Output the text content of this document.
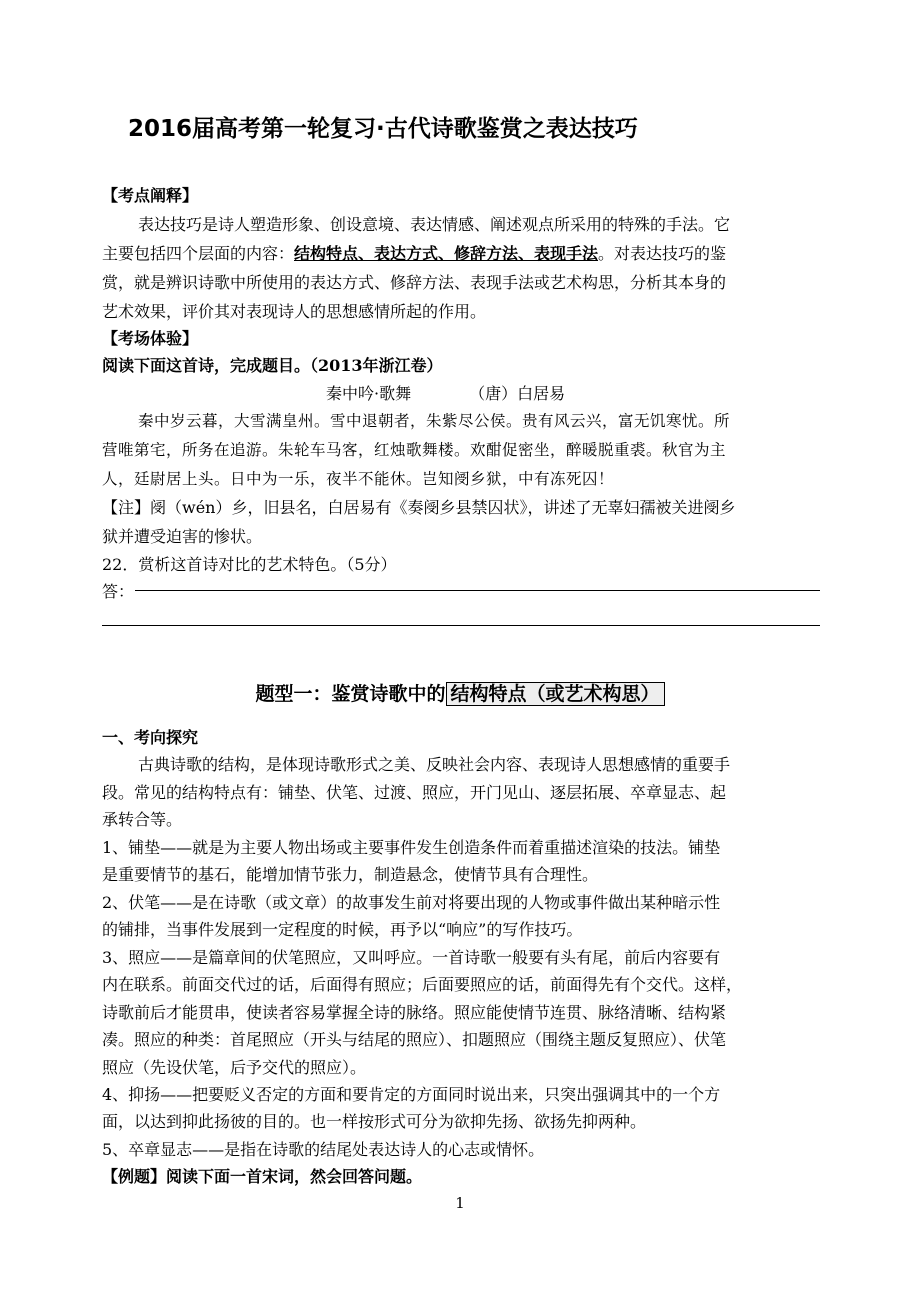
2016届高考第一轮复习·古代诗歌鉴赏之表达技巧
【考点阐释】
表达技巧是诗人塑造形象、创设意境、表达情感、阐述观点所采用的特殊的手法。它
主要包括四个层面的内容：结构特点、表达方式、修辞方法、表现手法。对表达技巧的鉴
赏，就是辨识诗歌中所使用的表达方式、修辞方法、表现手法或艺术构思，分析其本身的
艺术效果，评价其对表现诗人的思想感情所起的作用。
【考场体验】
阅读下面这首诗，完成题目。（2013年浙江卷）
秦中吟·歌舞	（唐）白居易
秦中岁云暮，大雪满皇州。雪中退朝者，朱紫尽公侯。贵有风云兴，富无饥寒忧。所
营唯第宅，所务在追游。朱轮车马客，红烛歌舞楼。欢酣促密坐，醉暖脱重裘。秋官为主
人，廷尉居上头。日中为一乐，夜半不能休。岂知阌乡狱，中有冻死囚！
【注】阌（wén）乡，旧县名，白居易有《奏阌乡县禁囚状》，讲述了无辜妇孺被关进阌乡
狱并遭受迫害的惨状。
22．赏析这首诗对比的艺术特色。（5分）
答：
题型一：鉴赏诗歌中的 结构特点（或艺术构思）
一、考向探究
古典诗歌的结构，是体现诗歌形式之美、反映社会内容、表现诗人思想感情的重要手
段。常见的结构特点有：铺垫、伏笔、过渡、照应，开门见山、逐层拓展、卒章显志、起
承转合等。
1、铺垫——就是为主要人物出场或主要事件发生创造条件而着重描述渲染的技法。铺垫
是重要情节的基石，能增加情节张力，制造悬念，使情节具有合理性。
2、伏笔——是在诗歌（或文章）的故事发生前对将要出现的人物或事件做出某种暗示性
的铺排，当事件发展到一定程度的时候，再予以“响应”的写作技巧。
3、照应——是篇章间的伏笔照应，又叫呼应。一首诗歌一般要有头有尾，前后内容要有
内在联系。前面交代过的话，后面得有照应；后面要照应的话，前面得先有个交代。这样，
诗歌前后才能贯串，使读者容易掌握全诗的脉络。照应能使情节连贯、脉络清晰、结构紧
凑。照应的种类：首尾照应（开头与结尾的照应）、扣题照应（围绕主题反复照应）、伏笔
照应（先设伏笔，后予交代的照应）。
4、抑扬——把要贬义否定的方面和要肯定的方面同时说出来，只突出强调其中的一个方
面，以达到抑此扬彼的目的。也一样按形式可分为欲抑先扬、欲扬先抑两种。
5、卒章显志——是指在诗歌的结尾处表达诗人的心志或情怀。
【例题】阅读下面一首宋词，然会回答问题。
1
